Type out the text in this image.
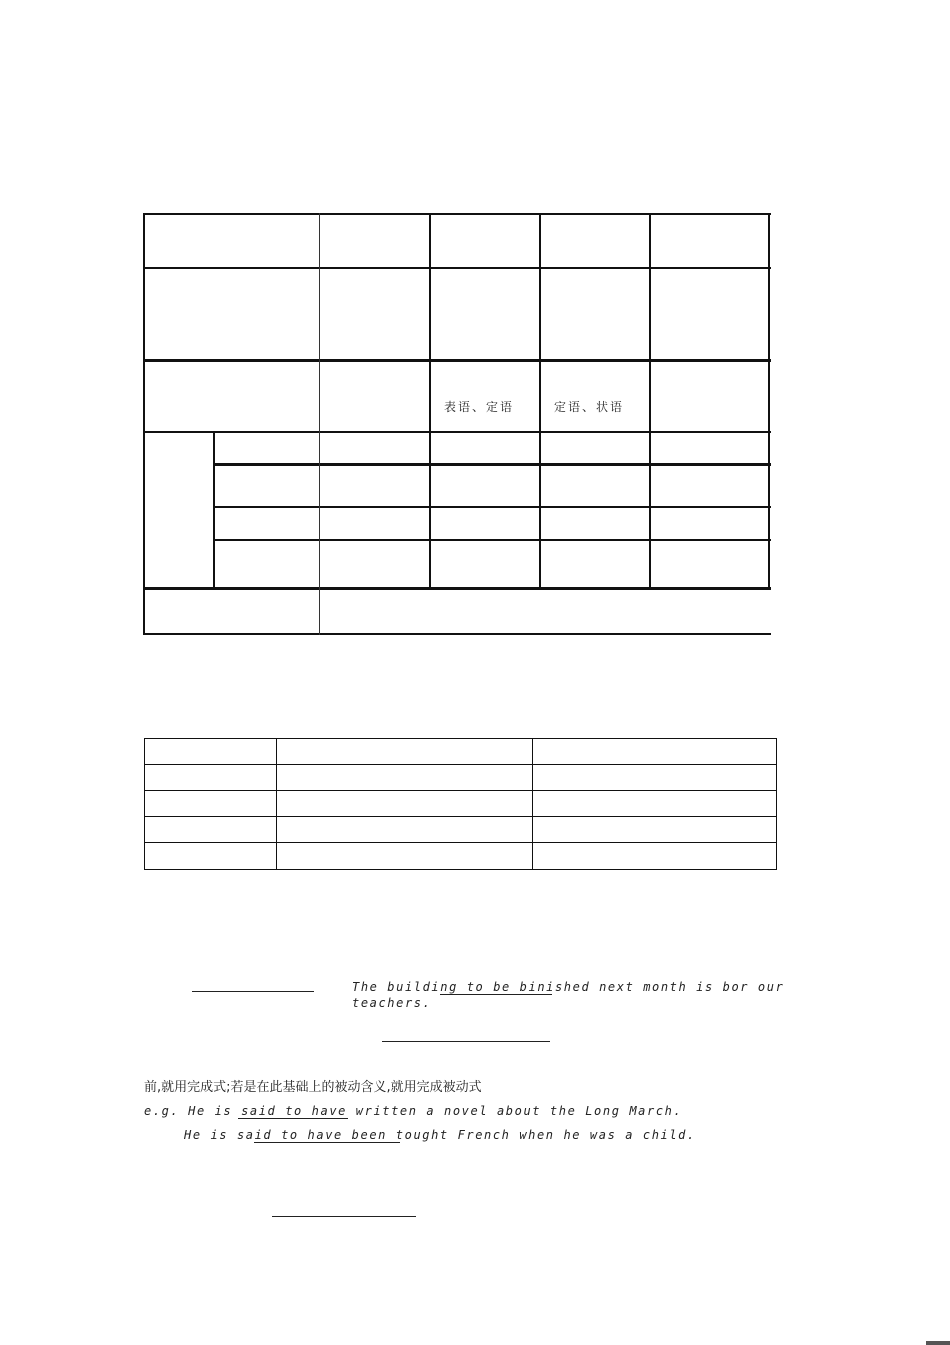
表语、定语	定语、状语
The building to be binished next month is bor our
teachers.
前,就用完成式;若是在此基础上的被动含义,就用完成被动式
e.g. He is said to have written a novel about the Long March.
He is said to have been tought French when he was a child.
